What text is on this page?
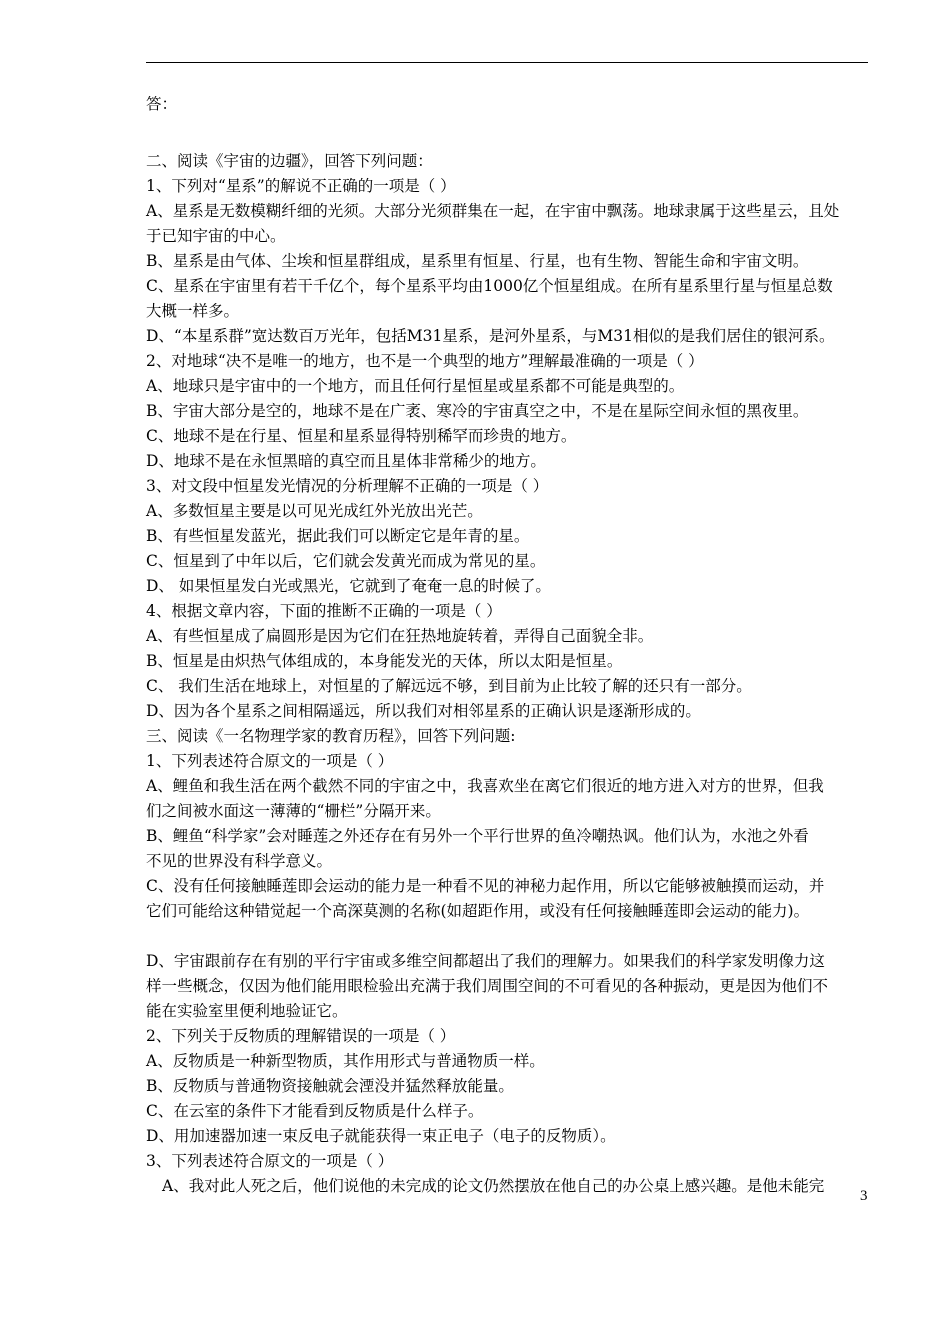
答：
二、阅读《宇宙的边疆》，回答下列问题：
1、下列对“星系”的解说不正确的一项是（ ）
A、星系是无数模糊纤细的光须。大部分光须群集在一起，在宇宙中飘荡。地球隶属于这些星云，且处
于已知宇宙的中心。
B、星系是由气体、尘埃和恒星群组成，星系里有恒星、行星，也有生物、智能生命和宇宙文明。
C、星系在宇宙里有若干千亿个，每个星系平均由1000亿个恒星组成。在所有星系里行星与恒星总数
大概一样多。
D、“本星系群”宽达数百万光年，包括M31星系，是河外星系，与M31相似的是我们居住的银河系。
2、对地球“决不是唯一的地方，也不是一个典型的地方”理解最准确的一项是（ ）
A、地球只是宇宙中的一个地方，而且任何行星恒星或星系都不可能是典型的。
B、宇宙大部分是空的，地球不是在广袤、寒冷的宇宙真空之中，不是在星际空间永恒的黑夜里。
C、地球不是在行星、恒星和星系显得特别稀罕而珍贵的地方。
D、地球不是在永恒黑暗的真空而且星体非常稀少的地方。
3、对文段中恒星发光情况的分析理解不正确的一项是（ ）
A、多数恒星主要是以可见光成红外光放出光芒。
B、有些恒星发蓝光，据此我们可以断定它是年青的星。
C、恒星到了中年以后，它们就会发黄光而成为常见的星。
D、 如果恒星发白光或黑光，它就到了奄奄一息的时候了。
4、根据文章内容，下面的推断不正确的一项是（ ）
A、有些恒星成了扁圆形是因为它们在狂热地旋转着，弄得自己面貌全非。
B、恒星是由炽热气体组成的，本身能发光的天体，所以太阳是恒星。
C、 我们生活在地球上，对恒星的了解远远不够，到目前为止比较了解的还只有一部分。
D、因为各个星系之间相隔遥远，所以我们对相邻星系的正确认识是逐渐形成的。
三、阅读《一名物理学家的教育历程》，回答下列问题:
1、下列表述符合原文的一项是（ ）
A、鲤鱼和我生活在两个截然不同的宇宙之中，我喜欢坐在离它们很近的地方进入对方的世界，但我
们之间被水面这一薄薄的“栅栏”分隔开来。
B、鲤鱼“科学家”会对睡莲之外还存在有另外一个平行世界的鱼冷嘲热讽。他们认为，水池之外看
不见的世界没有科学意义。
C、没有任何接触睡莲即会运动的能力是一种看不见的神秘力起作用，所以它能够被触摸而运动，并
它们可能给这种错觉起一个高深莫测的名称(如超距作用，或没有任何接触睡莲即会运动的能力)。
D、宇宙跟前存在有别的平行宇宙或多维空间都超出了我们的理解力。如果我们的科学家发明像力这
样一些概念，仅因为他们能用眼检验出充满于我们周围空间的不可看见的各种振动，更是因为他们不
能在实验室里便利地验证它。
2、下列关于反物质的理解错误的一项是（ ）
A、反物质是一种新型物质，其作用形式与普通物质一样。
B、反物质与普通物资接触就会湮没并猛然释放能量。
C、在云室的条件下才能看到反物质是什么样子。
D、用加速器加速一束反电子就能获得一束正电子（电子的反物质）。
3、下列表述符合原文的一项是（ ）
A、我对此人死之后，他们说他的未完成的论文仍然摆放在他自己的办公桌上感兴趣。是他未能完
3
